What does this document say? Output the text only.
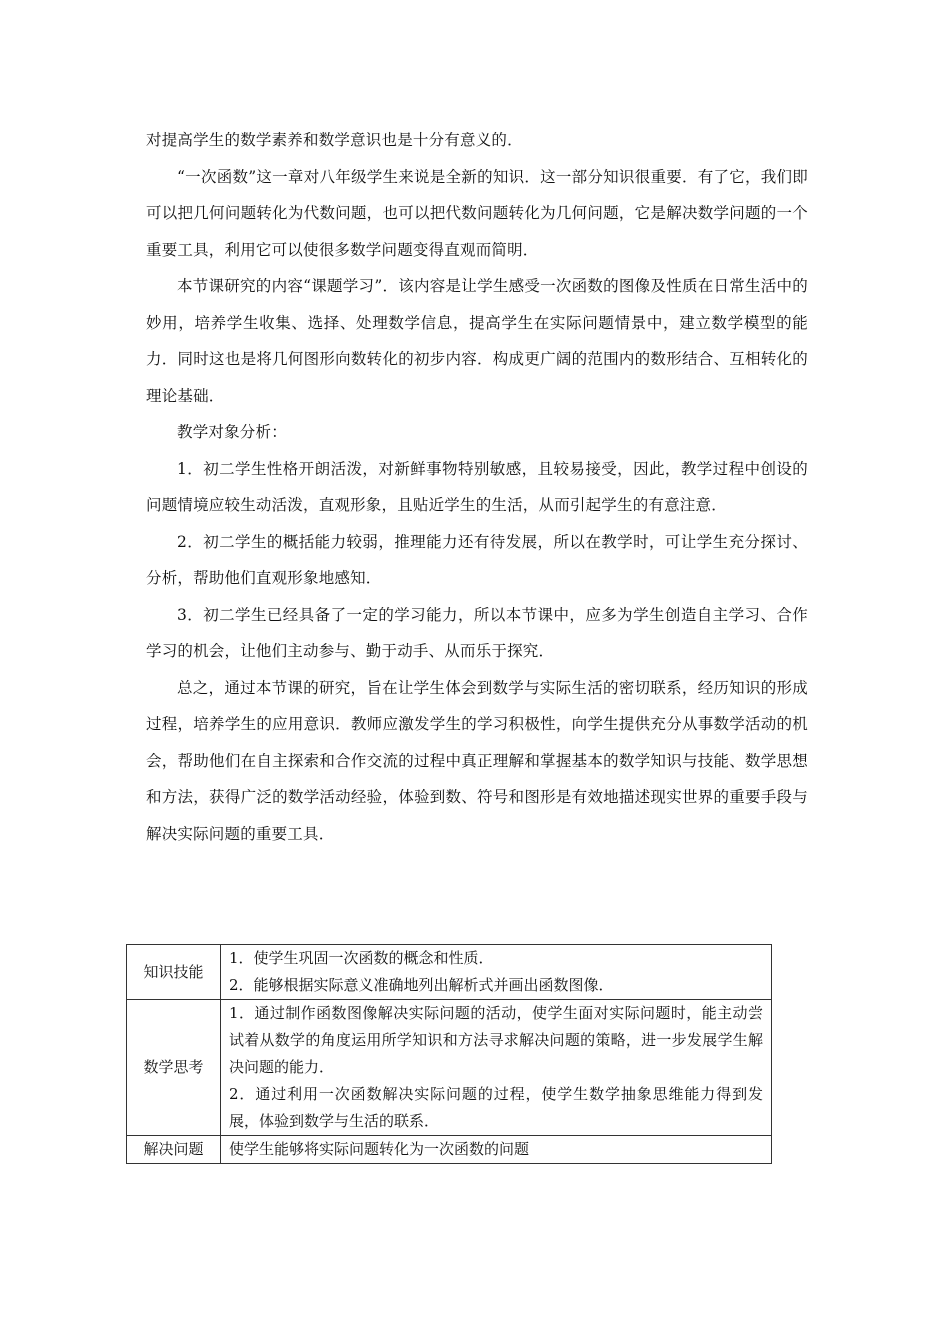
对提高学生的数学素养和数学意识也是十分有意义的．

“一次函数”这一章对八年级学生来说是全新的知识．这一部分知识很重要．有了它，我们即可以把几何问题转化为代数问题，也可以把代数问题转化为几何问题，它是解决数学问题的一个重要工具，利用它可以使很多数学问题变得直观而简明．

本节课研究的内容“课题学习”．该内容是让学生感受一次函数的图像及性质在日常生活中的妙用，培养学生收集、选择、处理数学信息，提高学生在实际问题情景中，建立数学模型的能力．同时这也是将几何图形向数转化的初步内容．构成更广阔的范围内的数形结合、互相转化的理论基础．

教学对象分析：

1．初二学生性格开朗活泼，对新鲜事物特别敏感，且较易接受，因此，教学过程中创设的问题情境应较生动活泼，直观形象，且贴近学生的生活，从而引起学生的有意注意．

2．初二学生的概括能力较弱，推理能力还有待发展，所以在教学时，可让学生充分探讨、分析，帮助他们直观形象地感知．

3．初二学生已经具备了一定的学习能力，所以本节课中，应多为学生创造自主学习、合作学习的机会，让他们主动参与、勤于动手、从而乐于探究．

总之，通过本节课的研究，旨在让学生体会到数学与实际生活的密切联系，经历知识的形成过程，培养学生的应用意识．教师应激发学生的学习积极性，向学生提供充分从事数学活动的机会，帮助他们在自主探索和合作交流的过程中真正理解和掌握基本的数学知识与技能、数学思想和方法，获得广泛的数学活动经验，体验到数、符号和图形是有效地描述现实世界的重要手段与解决实际问题的重要工具．

知识技能	1．使学生巩固一次函数的概念和性质．
2．能够根据实际意义准确地列出解析式并画出函数图像．

数学思考	1．通过制作函数图像解决实际问题的活动，使学生面对实际问题时，能主动尝试着从数学的角度运用所学知识和方法寻求解决问题的策略，进一步发展学生解决问题的能力．
2．通过利用一次函数解决实际问题的过程，使学生数学抽象思维能力得到发展，体验到数学与生活的联系．

解决问题	使学生能够将实际问题转化为一次函数的问题
